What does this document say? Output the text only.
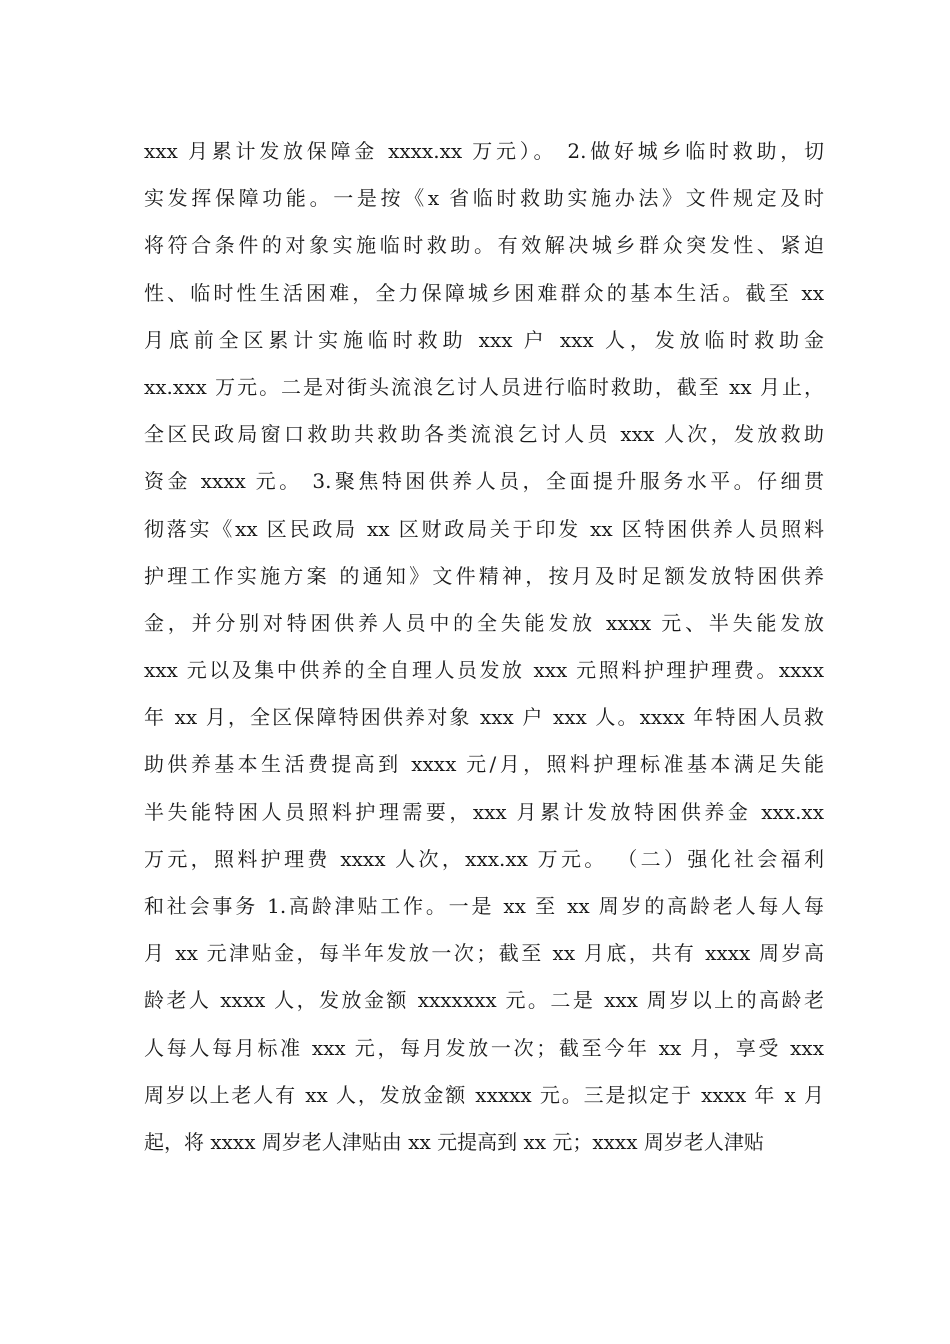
xxx 月累计发放保障金 xxxx.xx 万元）。 2.做好城乡临时救助，切
实发挥保障功能。一是按《x 省临时救助实施办法》文件规定及时
将符合条件的对象实施临时救助。有效解决城乡群众突发性、紧迫
性、临时性生活困难，全力保障城乡困难群众的基本生活。截至 xx
月底前全区累计实施临时救助 xxx 户 xxx 人，发放临时救助金
xx.xxx 万元。二是对街头流浪乞讨人员进行临时救助，截至 xx 月止，
全区民政局窗口救助共救助各类流浪乞讨人员 xxx 人次，发放救助
资金 xxxx 元。 3.聚焦特困供养人员，全面提升服务水平。仔细贯
彻落实《xx 区民政局 xx 区财政局关于印发 xx 区特困供养人员照料
护理工作实施方案 的通知》文件精神，按月及时足额发放特困供养
金，并分别对特困供养人员中的全失能发放 xxxx 元、半失能发放
xxx 元以及集中供养的全自理人员发放 xxx 元照料护理护理费。xxxx
年 xx 月，全区保障特困供养对象 xxx 户 xxx 人。xxxx 年特困人员救
助供养基本生活费提高到 xxxx 元/月，照料护理标准基本满足失能
半失能特困人员照料护理需要，xxx 月累计发放特困供养金 xxx.xx
万元，照料护理费 xxxx 人次，xxx.xx 万元。 （二）强化社会福利
和社会事务 1.高龄津贴工作。一是 xx 至 xx 周岁的高龄老人每人每
月 xx 元津贴金，每半年发放一次；截至 xx 月底，共有 xxxx 周岁高
龄老人 xxxx 人，发放金额 xxxxxxx 元。二是 xxx 周岁以上的高龄老
人每人每月标准 xxx 元，每月发放一次；截至今年 xx 月，享受 xxx
周岁以上老人有 xx 人，发放金额 xxxxx 元。三是拟定于 xxxx 年 x 月
起，将 xxxx 周岁老人津贴由 xx 元提高到 xx 元；xxxx 周岁老人津贴
